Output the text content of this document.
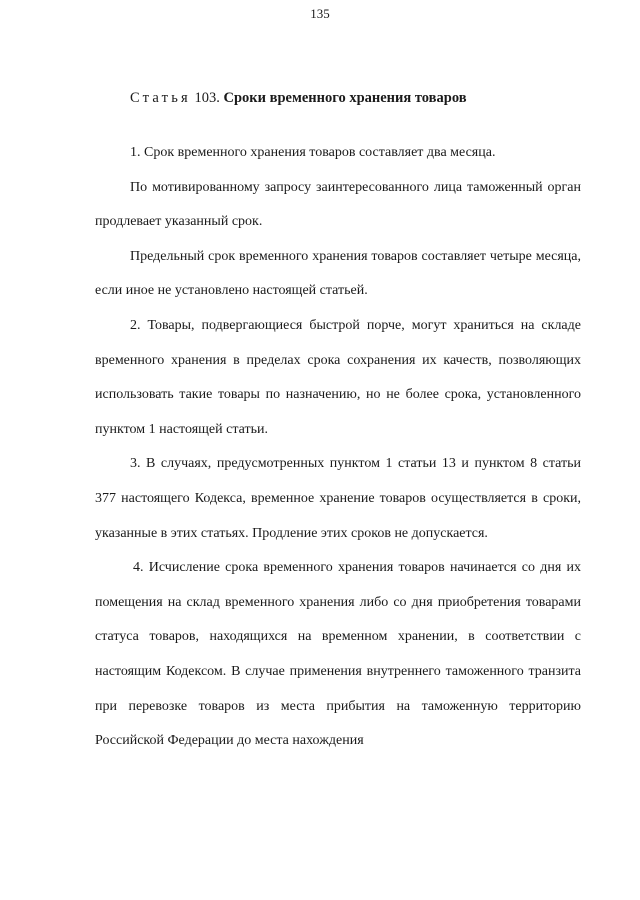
135
Статья 103. Сроки временного хранения товаров

1. Срок временного хранения товаров составляет два месяца.

По мотивированному запросу заинтересованного лица таможенный орган продлевает указанный срок.

Предельный срок временного хранения товаров составляет четыре месяца, если иное не установлено настоящей статьей.

2. Товары, подвергающиеся быстрой порче, могут храниться на складе временного хранения в пределах срока сохранения их качеств, позволяющих использовать такие товары по назначению, но не более срока, установленного пунктом 1 настоящей статьи.

3. В случаях, предусмотренных пунктом 1 статьи 13 и пунктом 8 статьи 377 настоящего Кодекса, временное хранение товаров осуществляется в сроки, указанные в этих статьях. Продление этих сроков не допускается.

4. Исчисление срока временного хранения товаров начинается со дня их помещения на склад временного хранения либо со дня приобретения товарами статуса товаров, находящихся на временном хранении, в соответствии с настоящим Кодексом. В случае применения внутреннего таможенного транзита при перевозке товаров из места прибытия на таможенную территорию Российской Федерации до места нахождения
